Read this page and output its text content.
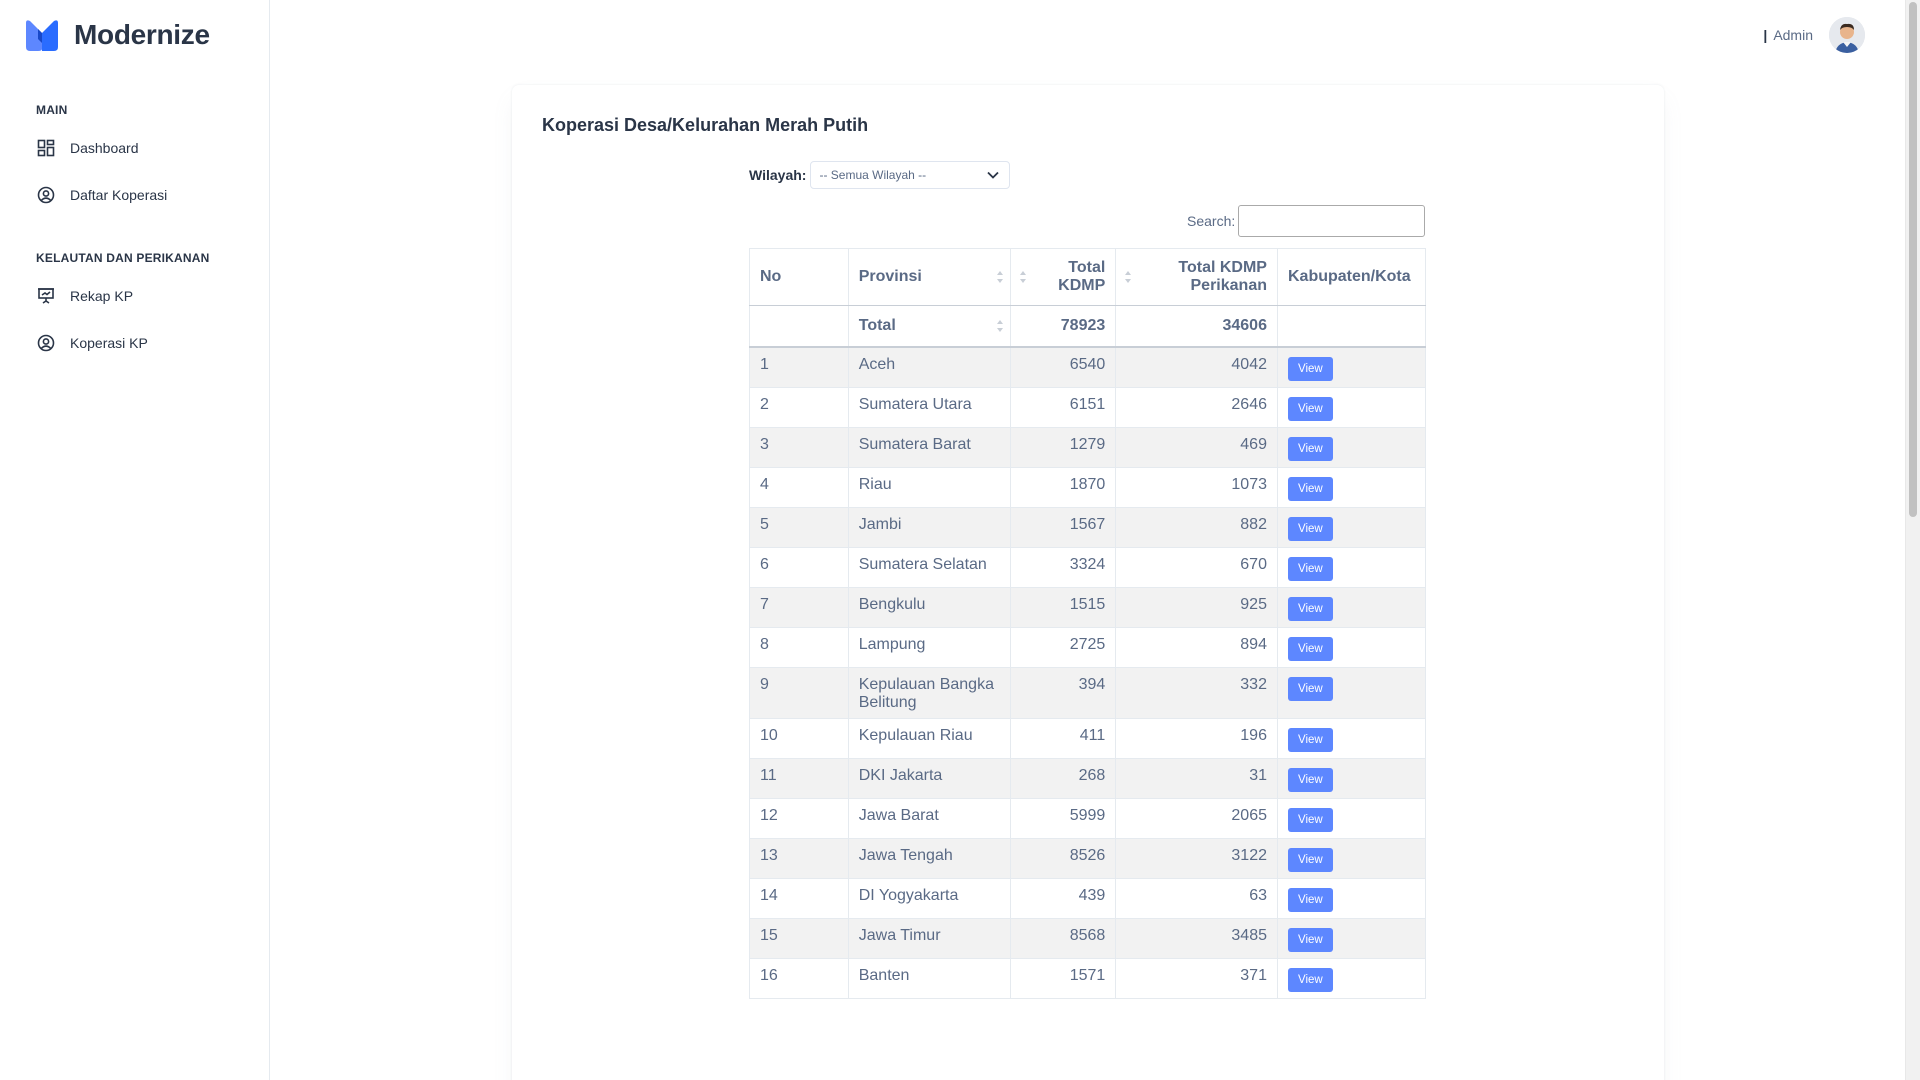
Modernize
MAIN
Dashboard
Daftar Koperasi
KELAUTAN DAN PERIKANAN
Rekap KP
Koperasi KP
| Admin
Koperasi Desa/Kelurahan Merah Putih
Wilayah: -- Semua Wilayah --
Search:
No	Provinsi	Total KDMP	Total KDMP Perikanan	Kabupaten/Kota
	Total	78923	34606	
1	Aceh	6540	4042	View
2	Sumatera Utara	6151	2646	View
3	Sumatera Barat	1279	469	View
4	Riau	1870	1073	View
5	Jambi	1567	882	View
6	Sumatera Selatan	3324	670	View
7	Bengkulu	1515	925	View
8	Lampung	2725	894	View
9	Kepulauan Bangka Belitung	394	332	View
10	Kepulauan Riau	411	196	View
11	DKI Jakarta	268	31	View
12	Jawa Barat	5999	2065	View
13	Jawa Tengah	8526	3122	View
14	DI Yogyakarta	439	63	View
15	Jawa Timur	8568	3485	View
16	Banten	1571	371	View
